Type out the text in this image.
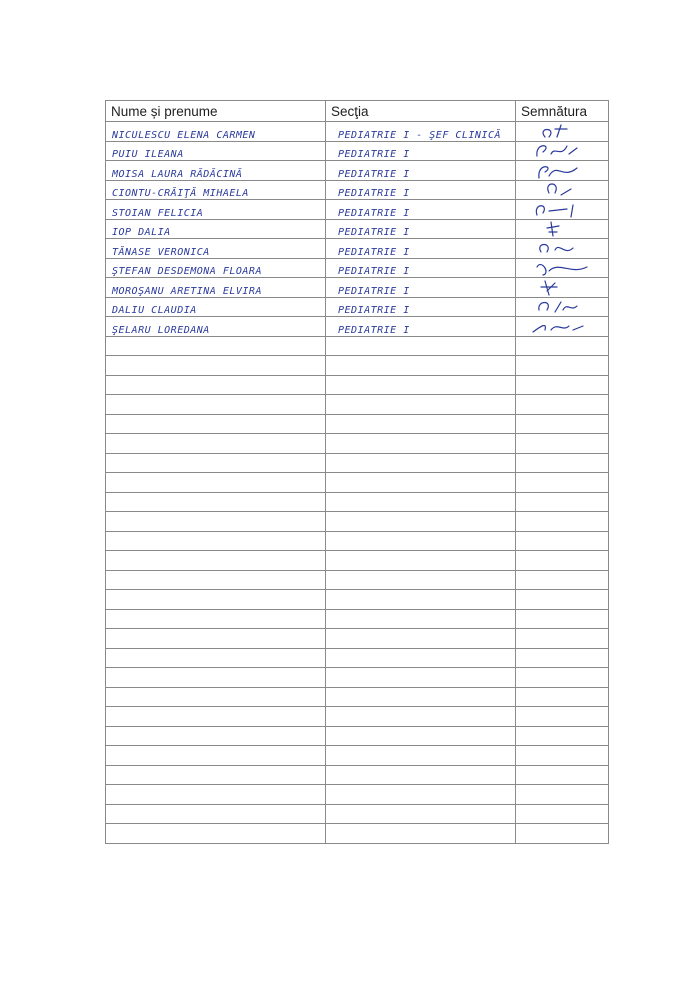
Nume și prenume	Secţia	Semnătura
NICULESCU ELENA CARMEN	PEDIATRIE I - ŞEF CLINICĂ	

PUIU ILEANA	PEDIATRIE I	

MOISA LAURA RĂDĂCINĂ	PEDIATRIE I	

CIONTU-CRĂIŢĂ MIHAELA	PEDIATRIE I	

STOIAN FELICIA	PEDIATRIE I	

IOP DALIA	PEDIATRIE I	

TĂNASE VERONICA	PEDIATRIE I	

ŞTEFAN DESDEMONA FLOARA	PEDIATRIE I	

MOROŞANU ARETINA ELVIRA	PEDIATRIE I	

DALIU CLAUDIA	PEDIATRIE I	

ŞELARU LOREDANA	PEDIATRIE I	
